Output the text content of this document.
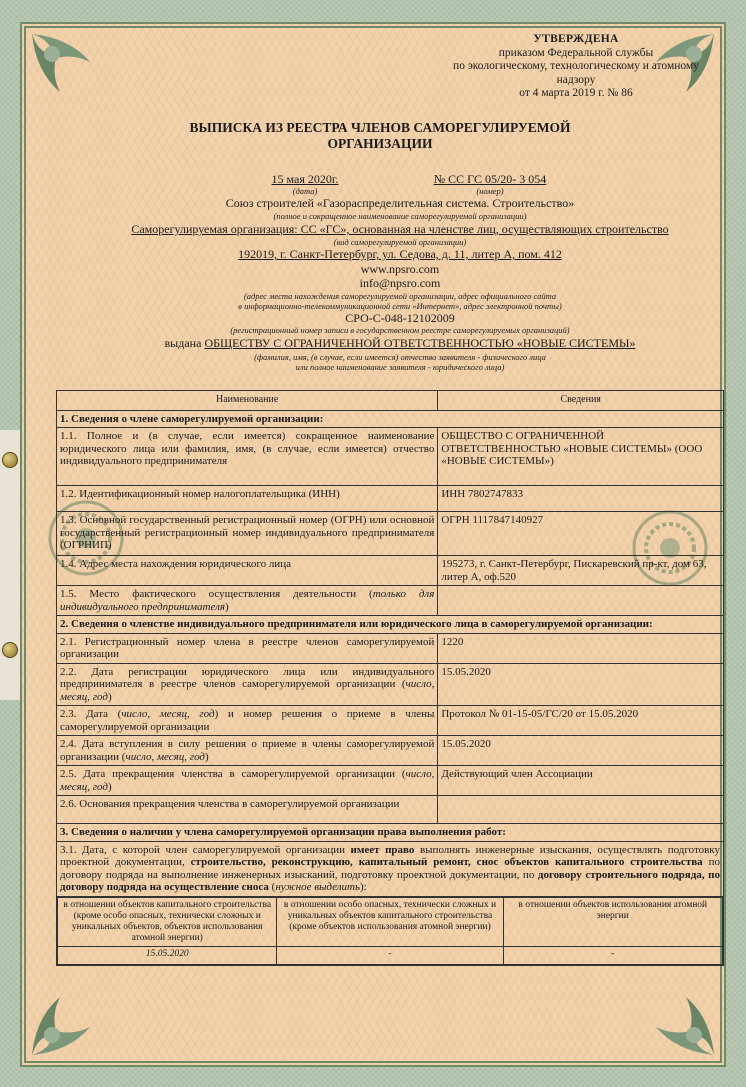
УТВЕРЖДЕНА
приказом Федеральной службы
по экологическому, технологическому и атомному
надзору
от 4 марта 2019 г. № 86
ВЫПИСКА ИЗ РЕЕСТРА ЧЛЕНОВ САМОРЕГУЛИРУЕМОЙ
ОРГАНИЗАЦИИ
15 мая 2020г.
(дата)
№ СС ГС 05/20- 3 054
(номер)
Союз строителей «Газораспределительная система. Строительство»
(полное и сокращенное наименование саморегулируемой организации)
Саморегулируемая организация: СС «ГС», основанная на членстве лиц, осуществляющих строительство
(вид саморегулируемой организации)
192019, г. Санкт-Петербург, ул. Седова, д. 11, литер А, пом. 412
www.npsro.com
info@npsro.com
(адрес места нахождения саморегулируемой организации, адрес официального сайта
в информационно-телекоммуникационной сети «Интернет», адрес электронной почты)
СРО-С-048-12102009
(регистрационный номер записи в государственном реестре саморегулируемых организаций)
выдана ОБЩЕСТВУ С ОГРАНИЧЕННОЙ ОТВЕТСТВЕННОСТЬЮ «НОВЫЕ СИСТЕМЫ»
(фамилия, имя, (в случае, если имеется) отчество заявителя - физического лица
или полное наименование заявителя - юридического лица)
Наименование	Сведения
1. Сведения о члене саморегулируемой организации:
1.1. Полное и (в случае, если имеется) сокращенное наименование юридического лица или фамилия, имя, (в случае, если имеется) отчество индивидуального предпринимателя	ОБЩЕСТВО С ОГРАНИЧЕННОЙ ОТВЕТСТВЕННОСТЬЮ «НОВЫЕ СИСТЕМЫ» (ООО «НОВЫЕ СИСТЕМЫ»)
1.2. Идентификационный номер налогоплательщика (ИНН)	ИНН 7802747833
1.3. Основной государственный регистрационный номер (ОГРН) или основной государственный регистрационный номер индивидуального предпринимателя (ОГРНИП)	ОГРН 1117847140927
1.4. Адрес места нахождения юридического лица	195273, г. Санкт-Петербург, Пискаревский пр-кт, дом 63, литер А, оф.520
1.5. Место фактического осуществления деятельности (только для индивидуального предпринимателя)	
2. Сведения о членстве индивидуального предпринимателя или юридического лица в саморегулируемой организации:
2.1. Регистрационный номер члена в реестре членов саморегулируемой организации	1220
2.2. Дата регистрации юридического лица или индивидуального предпринимателя в реестре членов саморегулируемой организации (число, месяц, год)	15.05.2020
2.3. Дата (число, месяц, год) и номер решения о приеме в члены саморегулируемой организации	Протокол № 01-15-05/ГС/20 от 15.05.2020
2.4. Дата вступления в силу решения о приеме в члены саморегулируемой организации (число, месяц, год)	15.05.2020
2.5. Дата прекращения членства в саморегулируемой организации (число, месяц, год)	Действующий член Ассоциации
2.6. Основания прекращения членства в саморегулируемой организации	
3. Сведения о наличии у члена саморегулируемой организации права выполнения работ:
3.1. Дата, с которой член саморегулируемой организации имеет право выполнять инженерные изыскания, осуществлять подготовку проектной документации, строительство, реконструкцию, капитальный ремонт, снос объектов капитального строительства по договору подряда на выполнение инженерных изысканий, подготовку проектной документации, по договору строительного подряда, по договору подряда на осуществление сноса (нужное выделить):

в отношении объектов капитального строительства (кроме особо опасных, технически сложных и уникальных объектов, объектов использования атомной энергии)	в отношении особо опасных, технически сложных и уникальных объектов капитального строительства (кроме объектов использования атомной энергии)	в отношении объектов использования атомной энергии
15.05.2020	-	-
